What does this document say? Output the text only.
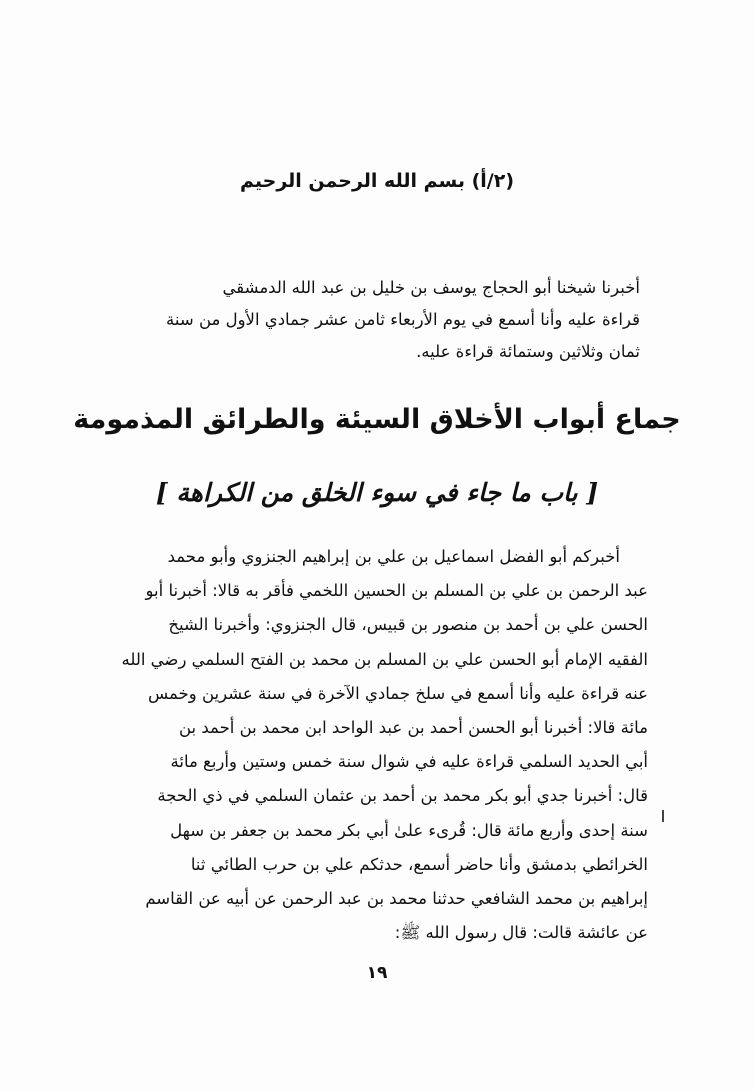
(٢/أ) بسم الله الرحمن الرحيم
أخبرنا شيخنا أبو الحجاج يوسف بن خليل بن عبد الله الدمشقي
قراءة عليه وأنا أسمع في يوم الأربعاء ثامن عشر جمادي الأول من سنة
ثمان وثلاثين وستمائة قراءة عليه.
جماع أبواب الأخلاق السيئة والطرائق المذمومة
[ باب ما جاء في سوء الخلق من الكراهة ]
أخبركم أبو الفضل اسماعيل بن علي بن إبراهيم الجنزوي وأبو محمد
عبد الرحمن بن علي بن المسلم بن الحسين اللخمي فأقر به قالا: أخبرنا أبو
الحسن علي بن أحمد بن منصور بن قبيس، قال الجنزوي: وأخبرنا الشيخ
الفقيه الإمام أبو الحسن علي بن المسلم بن محمد بن الفتح السلمي رضي الله
عنه قراءة عليه وأنا أسمع في سلخ جمادي الآخرة في سنة عشرين وخمس
مائة قالا: أخبرنا أبو الحسن أحمد بن عبد الواحد ابن محمد بن أحمد بن
أبي الحديد السلمي قراءة عليه في شوال سنة خمس وستين وأربع مائة
قال: أخبرنا جدي أبو بكر محمد بن أحمد بن عثمان السلمي في ذي الحجة
سنة إحدى وأربع مائة قال: قُرىء علىٰ أبي بكر محمد بن جعفر بن سهل
الخرائطي بدمشق وأنا حاضر أسمع، حدثكم علي بن حرب الطائي ثنا
إبراهيم بن محمد الشافعي حدثنا محمد بن عبد الرحمن عن أبيه عن القاسم
عن عائشة قالت: قال رسول الله ﷺ:
١٩
